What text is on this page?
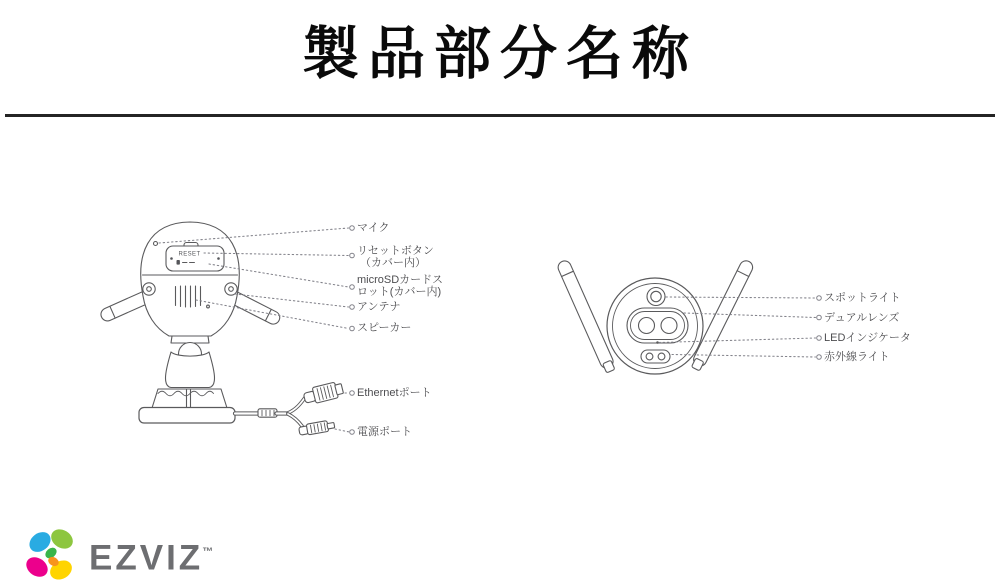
製品部分名称
RESET
マイク
リセットボタン
（カバー内）
microSDカードス
ロット(カバー内)
アンテナ
スピーカー
Ethernetポート
電源ポート
スポットライト
デュアルレンズ
LEDインジケータ
赤外線ライト
EZVIZ™
